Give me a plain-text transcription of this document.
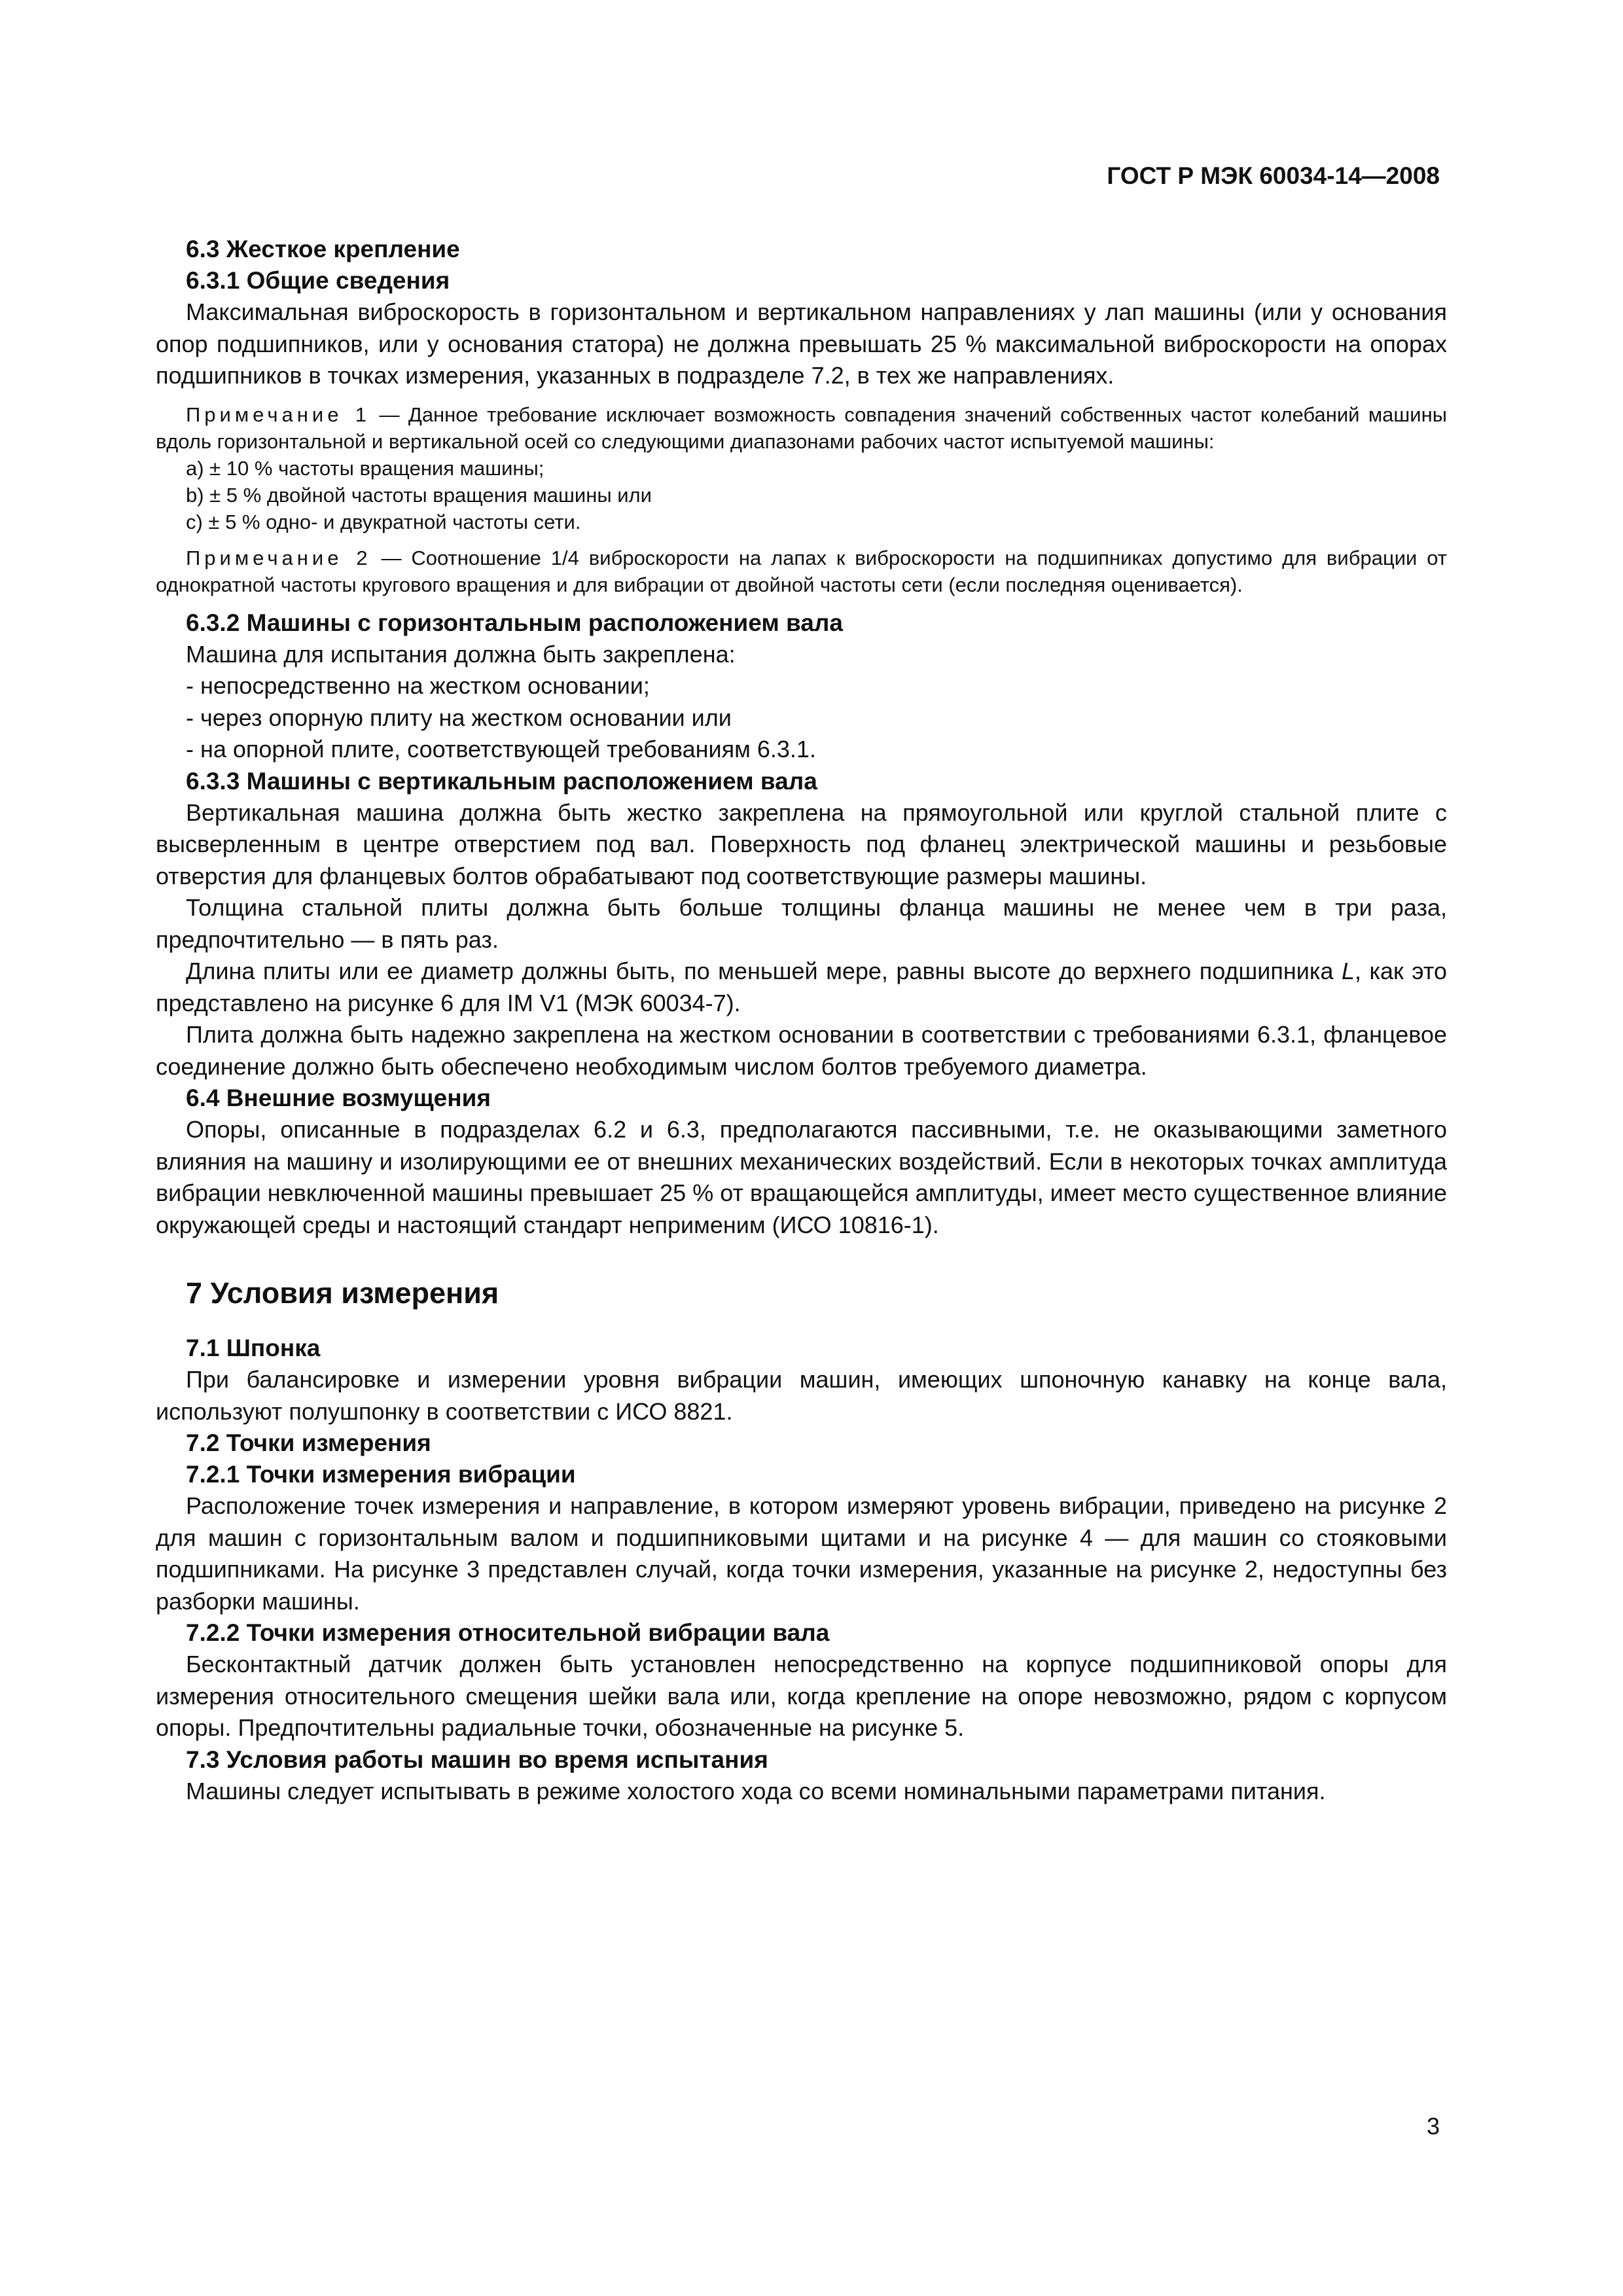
ГОСТ Р МЭК 60034-14—2008
6.3 Жесткое крепление
6.3.1 Общие сведения
Максимальная виброскорость в горизонтальном и вертикальном направлениях у лап машины (или у основания опор подшипников, или у основания статора) не должна превышать 25 % максимальной виброскорости на опорах подшипников в точках измерения, указанных в подразделе 7.2, в тех же направлениях.
Примечание 1 — Данное требование исключает возможность совпадения значений собственных частот колебаний машины вдоль горизонтальной и вертикальной осей со следующими диапазонами рабочих частот испытуемой машины:
a) ± 10 % частоты вращения машины;
b) ± 5 % двойной частоты вращения машины или
c) ± 5 % одно- и двукратной частоты сети.
Примечание 2 — Соотношение 1/4 виброскорости на лапах к виброскорости на подшипниках допустимо для вибрации от однократной частоты кругового вращения и для вибрации от двойной частоты сети (если последняя оценивается).
6.3.2 Машины с горизонтальным расположением вала
Машина для испытания должна быть закреплена:
- непосредственно на жестком основании;
- через опорную плиту на жестком основании или
- на опорной плите, соответствующей требованиям 6.3.1.
6.3.3 Машины с вертикальным расположением вала
Вертикальная машина должна быть жестко закреплена на прямоугольной или круглой стальной плите с высверленным в центре отверстием под вал. Поверхность под фланец электрической машины и резьбовые отверстия для фланцевых болтов обрабатывают под соответствующие размеры машины.
Толщина стальной плиты должна быть больше толщины фланца машины не менее чем в три раза, предпочтительно — в пять раз.
Длина плиты или ее диаметр должны быть, по меньшей мере, равны высоте до верхнего подшипника L, как это представлено на рисунке 6 для IM V1 (МЭК 60034-7).
Плита должна быть надежно закреплена на жестком основании в соответствии с требованиями 6.3.1, фланцевое соединение должно быть обеспечено необходимым числом болтов требуемого диаметра.
6.4 Внешние возмущения
Опоры, описанные в подразделах 6.2 и 6.3, предполагаются пассивными, т.е. не оказывающими заметного влияния на машину и изолирующими ее от внешних механических воздействий. Если в некоторых точках амплитуда вибрации невключенной машины превышает 25 % от вращающейся амплитуды, имеет место существенное влияние окружающей среды и настоящий стандарт неприменим (ИСО 10816-1).
7 Условия измерения
7.1 Шпонка
При балансировке и измерении уровня вибрации машин, имеющих шпоночную канавку на конце вала, используют полушпонку в соответствии с ИСО 8821.
7.2 Точки измерения
7.2.1 Точки измерения вибрации
Расположение точек измерения и направление, в котором измеряют уровень вибрации, приведено на рисунке 2 для машин с горизонтальным валом и подшипниковыми щитами и на рисунке 4 — для машин со стояковыми подшипниками. На рисунке 3 представлен случай, когда точки измерения, указанные на рисунке 2, недоступны без разборки машины.
7.2.2 Точки измерения относительной вибрации вала
Бесконтактный датчик должен быть установлен непосредственно на корпусе подшипниковой опоры для измерения относительного смещения шейки вала или, когда крепление на опоре невозможно, рядом с корпусом опоры. Предпочтительны радиальные точки, обозначенные на рисунке 5.
7.3 Условия работы машин во время испытания
Машины следует испытывать в режиме холостого хода со всеми номинальными параметрами питания.
3
